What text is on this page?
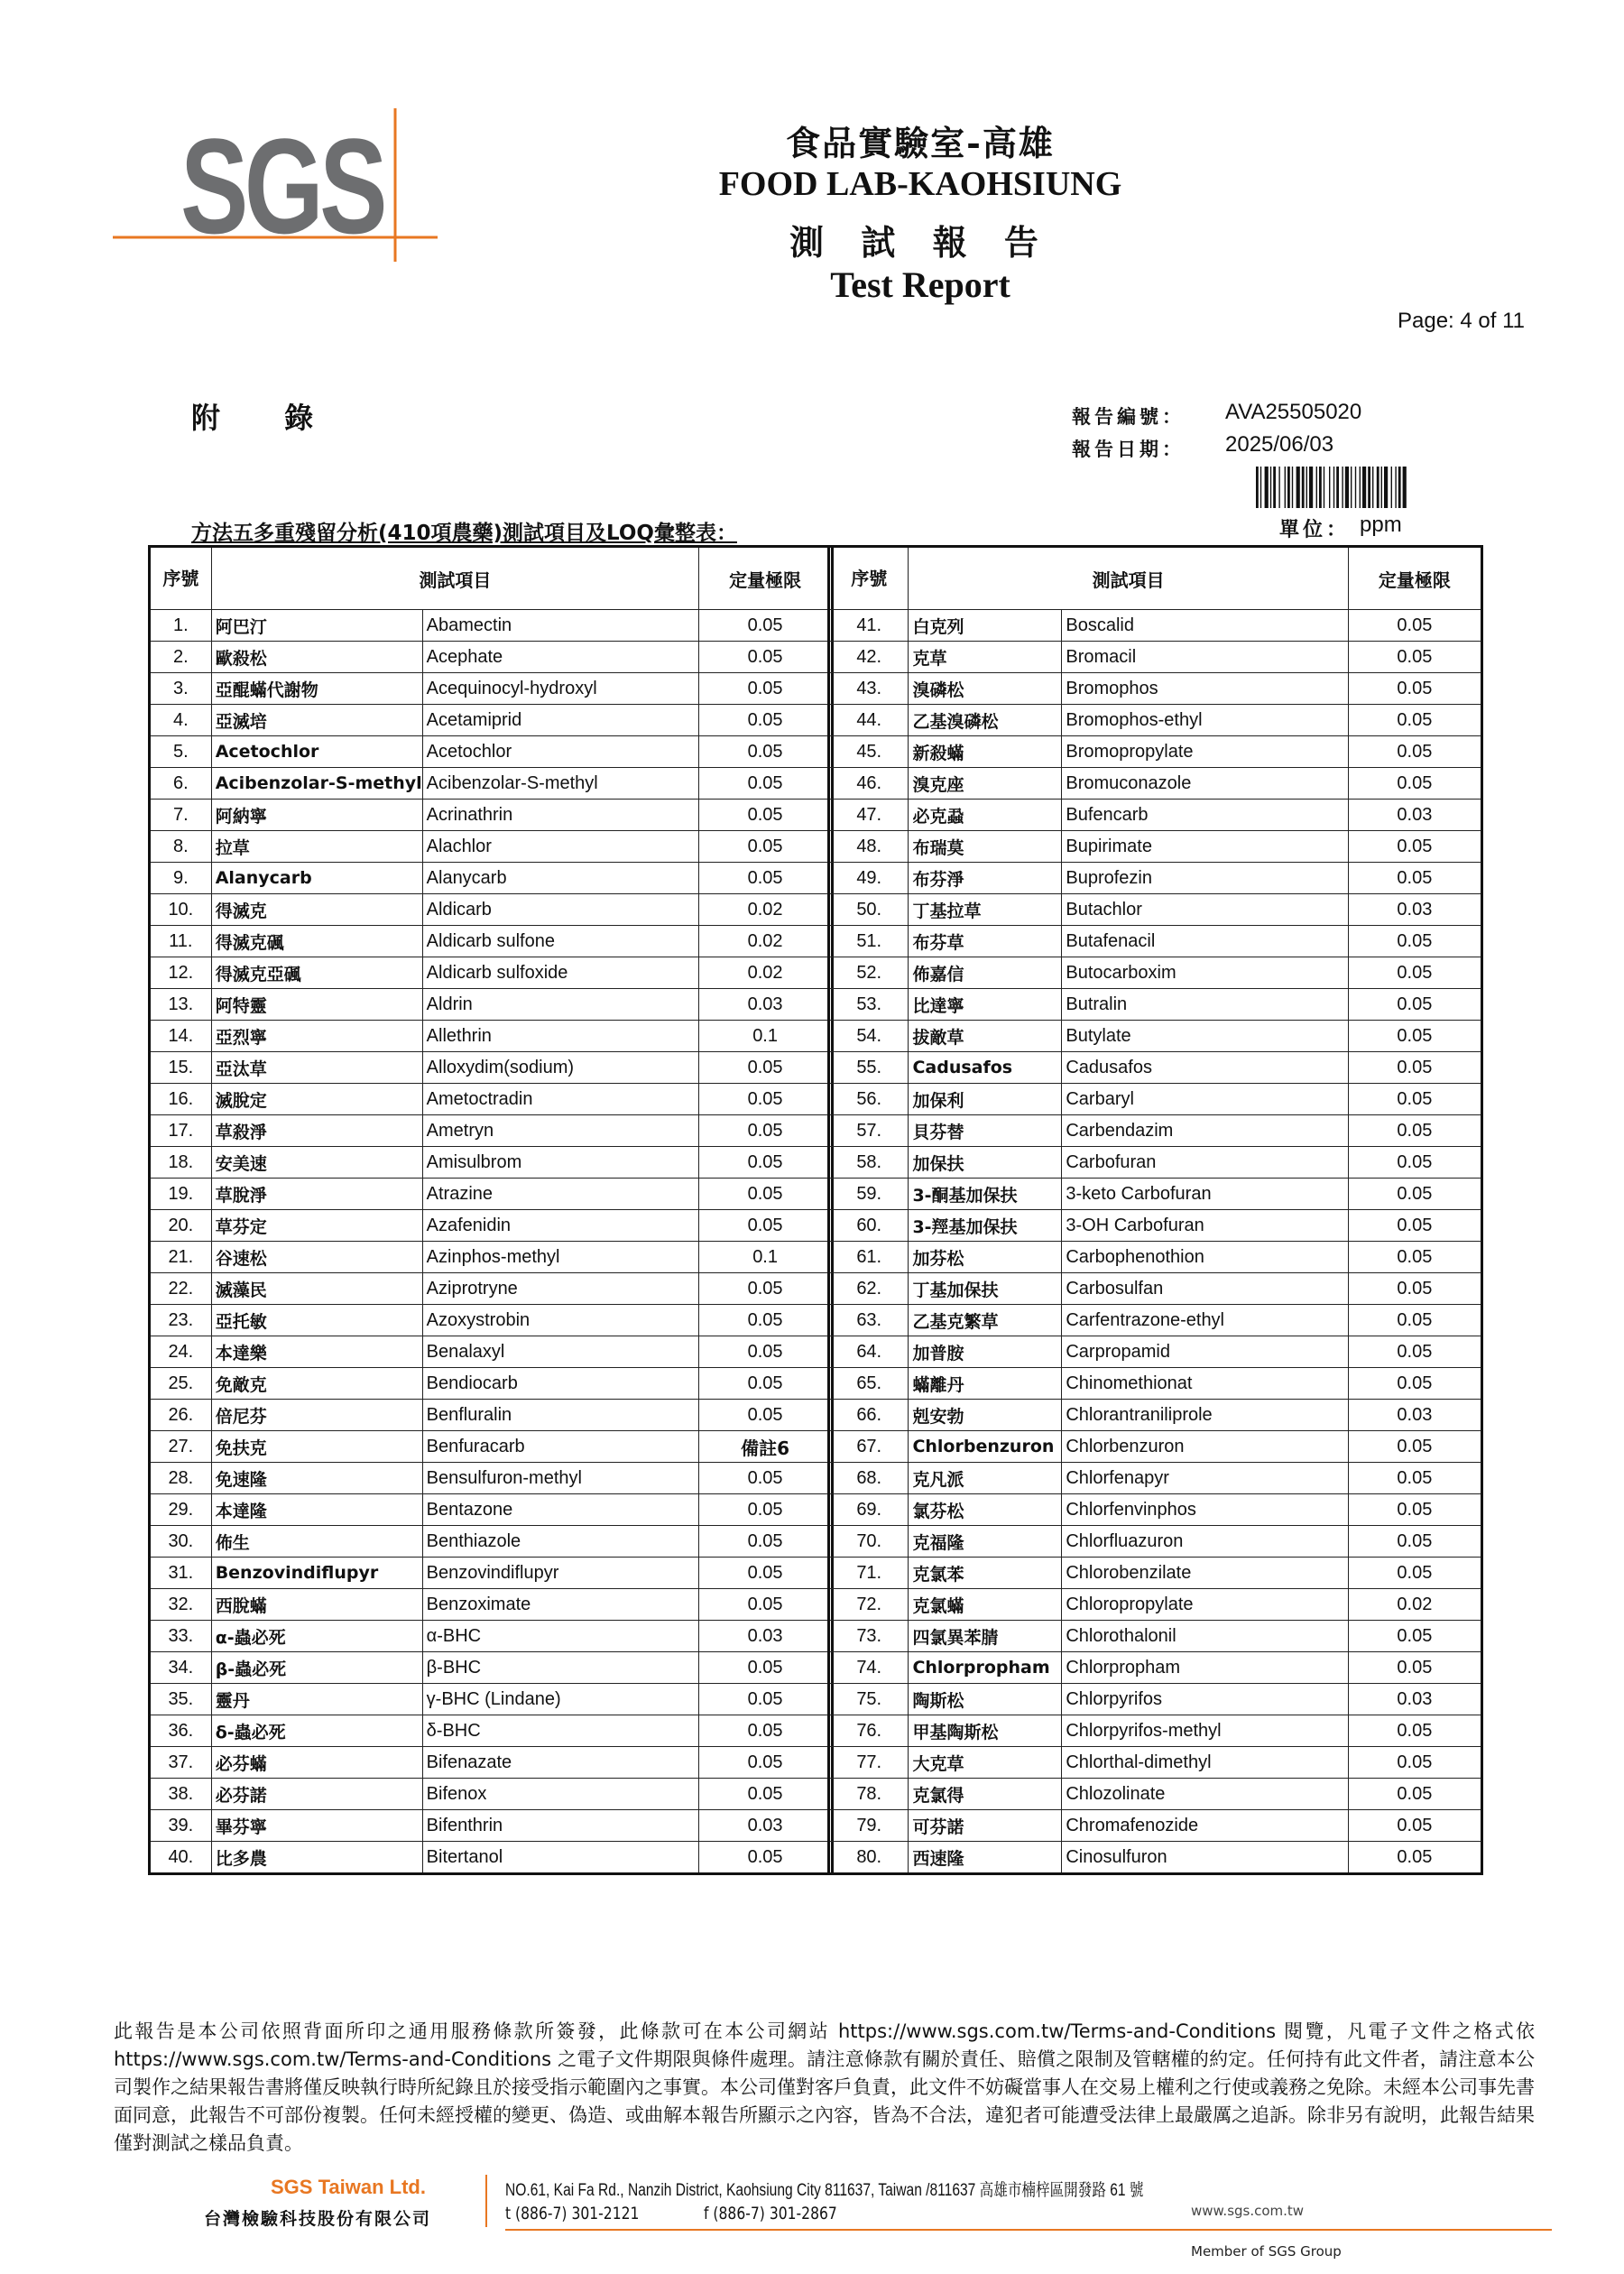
SGS	食品實驗室-高雄
FOOD LAB-KAOHSIUNG
測 試 報 告
Test Report
Page: 4 of 11
附 錄	報告編號： AVA25505020
報告日期： 2025/06/03
方法五多重殘留分析(410項農藥)測試項目及LOQ彙整表：	單位： ppm
序號	測試項目		定量極限
1.	阿巴汀	Abamectin	0.05
2.	歐殺松	Acephate	0.05
3.	亞醌蟎代謝物	Acequinocyl-hydroxyl	0.05
4.	亞滅培	Acetamiprid	0.05
5.	Acetochlor	Acetochlor	0.05
6.	Acibenzolar-S-methyl	Acibenzolar-S-methyl	0.05
7.	阿納寧	Acrinathrin	0.05
8.	拉草	Alachlor	0.05
9.	Alanycarb	Alanycarb	0.05
10.	得滅克	Aldicarb	0.02
11.	得滅克碸	Aldicarb sulfone	0.02
12.	得滅克亞碸	Aldicarb sulfoxide	0.02
13.	阿特靈	Aldrin	0.03
14.	亞烈寧	Allethrin	0.1
15.	亞汰草	Alloxydim(sodium)	0.05
16.	滅脫定	Ametoctradin	0.05
17.	草殺淨	Ametryn	0.05
18.	安美速	Amisulbrom	0.05
19.	草脫淨	Atrazine	0.05
20.	草芬定	Azafenidin	0.05
21.	谷速松	Azinphos-methyl	0.1
22.	滅藻民	Aziprotryne	0.05
23.	亞托敏	Azoxystrobin	0.05
24.	本達樂	Benalaxyl	0.05
25.	免敵克	Bendiocarb	0.05
26.	倍尼芬	Benfluralin	0.05
27.	免扶克	Benfuracarb	備註6
28.	免速隆	Bensulfuron-methyl	0.05
29.	本達隆	Bentazone	0.05
30.	佈生	Benthiazole	0.05
31.	Benzovindiflupyr	Benzovindiflupyr	0.05
32.	西脫蟎	Benzoximate	0.05
33.	α-蟲必死	α-BHC	0.03
34.	β-蟲必死	β-BHC	0.05
35.	靈丹	γ-BHC (Lindane)	0.05
36.	δ-蟲必死	δ-BHC	0.05
37.	必芬蟎	Bifenazate	0.05
38.	必芬諾	Bifenox	0.05
39.	畢芬寧	Bifenthrin	0.03
40.	比多農	Bitertanol	0.05
序號	測試項目		定量極限
41.	白克列	Boscalid	0.05
42.	克草	Bromacil	0.05
43.	溴磷松	Bromophos	0.05
44.	乙基溴磷松	Bromophos-ethyl	0.05
45.	新殺蟎	Bromopropylate	0.05
46.	溴克座	Bromuconazole	0.05
47.	必克蝨	Bufencarb	0.03
48.	布瑞莫	Bupirimate	0.05
49.	布芬淨	Buprofezin	0.05
50.	丁基拉草	Butachlor	0.03
51.	布芬草	Butafenacil	0.05
52.	佈嘉信	Butocarboxim	0.05
53.	比達寧	Butralin	0.05
54.	拔敵草	Butylate	0.05
55.	Cadusafos	Cadusafos	0.05
56.	加保利	Carbaryl	0.05
57.	貝芬替	Carbendazim	0.05
58.	加保扶	Carbofuran	0.05
59.	3-酮基加保扶	3-keto Carbofuran	0.05
60.	3-羥基加保扶	3-OH Carbofuran	0.05
61.	加芬松	Carbophenothion	0.05
62.	丁基加保扶	Carbosulfan	0.05
63.	乙基克繁草	Carfentrazone-ethyl	0.05
64.	加普胺	Carpropamid	0.05
65.	蟎離丹	Chinomethionat	0.05
66.	剋安勃	Chlorantraniliprole	0.03
67.	Chlorbenzuron	Chlorbenzuron	0.05
68.	克凡派	Chlorfenapyr	0.05
69.	氯芬松	Chlorfenvinphos	0.05
70.	克福隆	Chlorfluazuron	0.05
71.	克氯苯	Chlorobenzilate	0.05
72.	克氯蟎	Chloropropylate	0.02
73.	四氯異苯腈	Chlorothalonil	0.05
74.	Chlorpropham	Chlorpropham	0.05
75.	陶斯松	Chlorpyrifos	0.03
76.	甲基陶斯松	Chlorpyrifos-methyl	0.05
77.	大克草	Chlorthal-dimethyl	0.05
78.	克氯得	Chlozolinate	0.05
79.	可芬諾	Chromafenozide	0.05
80.	西速隆	Cinosulfuron	0.05
此報告是本公司依照背面所印之通用服務條款所簽發，此條款可在本公司網站 https://www.sgs.com.tw/Terms-and-Conditions 閱覽，凡電子文件之格式依 https://www.sgs.com.tw/Terms-and-Conditions 之電子文件期限與條件處理。請注意條款有關於責任、賠償之限制及管轄權的約定。任何持有此文件者，請注意本公司製作之結果報告書將僅反映執行時所紀錄且於接受指示範圍內之事實。本公司僅對客戶負責，此文件不妨礙當事人在交易上權利之行使或義務之免除。未經本公司事先書面同意，此報告不可部份複製。任何未經授權的變更、偽造、或曲解本報告所顯示之內容，皆為不合法，違犯者可能遭受法律上最嚴厲之追訴。除非另有說明，此報告結果僅對測試之樣品負責。
SGS Taiwan Ltd.
台灣檢驗科技股份有限公司
NO.61, Kai Fa Rd., Nanzih District, Kaohsiung City 811637, Taiwan /811637 高雄市楠梓區開發路 61 號
t (886-7) 301-2121	f (886-7) 301-2867	www.sgs.com.tw
Member of SGS Group
